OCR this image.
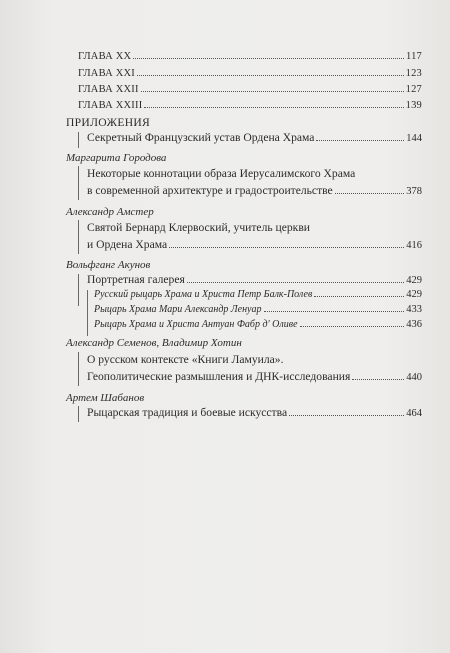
ГЛАВА XX	117
ГЛАВА XXI	123
ГЛАВА XXII	127
ГЛАВА XXIII	139
ПРИЛОЖЕНИЯ
Секретный Французский устав Ордена Храма	144
Маргарита Городова
Некоторые коннотации образа Иерусалимского Храма
в современной архитектуре и градостроительстве	378
Александр Амстер
Святой Бернард Клервоский, учитель церкви
и Ордена Храма	416
Вольфганг Акунов
Портретная галерея	429
Русский рыцарь Храма и Христа Петр Балк-Полев	429
Рыцарь Храма Мари Александр Ленуар	433
Рыцарь Храма и Христа Антуан Фабр д' Оливе	436
Александр Семенов, Владимир Хотин
О русском контексте «Книги Ламуила».
Геополитические размышления и ДНК-исследования	440
Артем Шабанов
Рыцарская традиция и боевые искусства	464
